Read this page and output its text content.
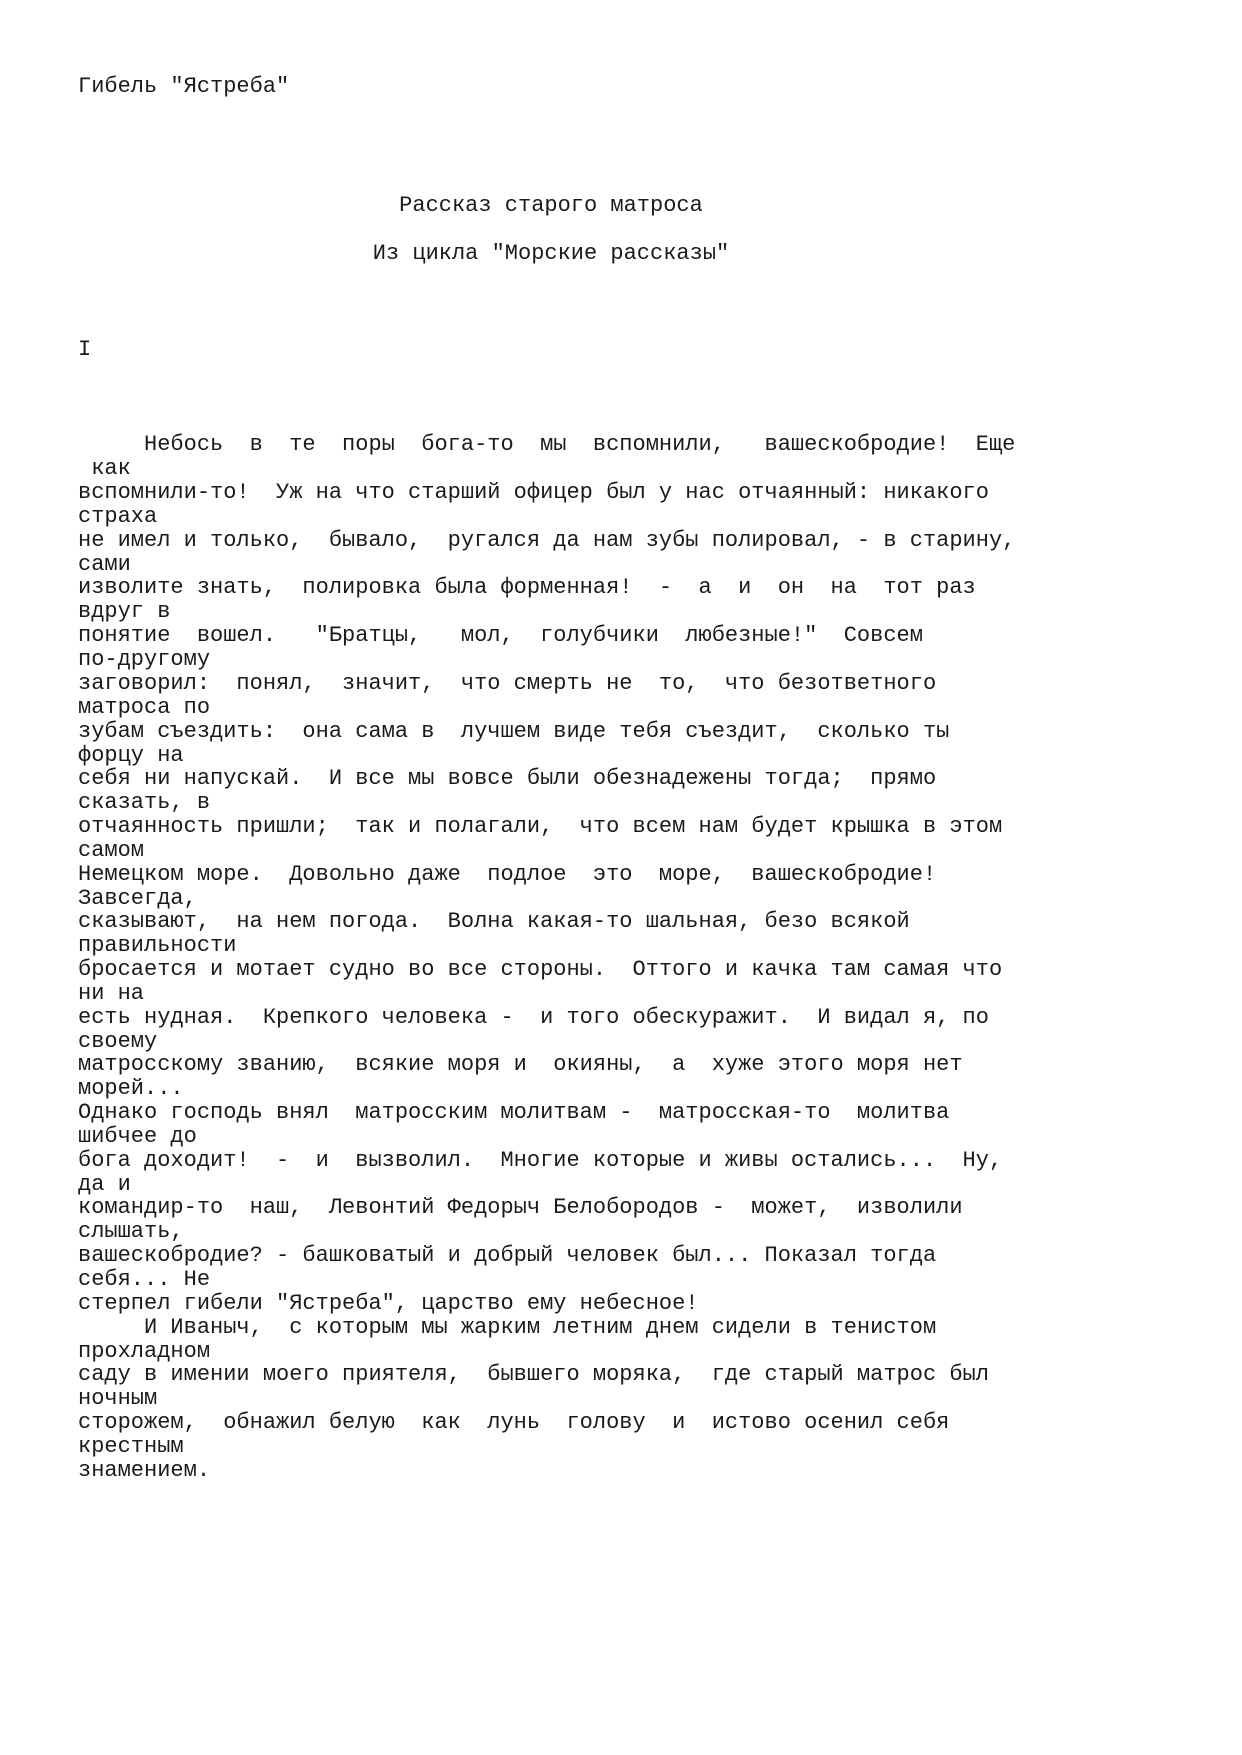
Гибель "Ястреба"

Рассказ старого матроса

Из цикла "Морские рассказы"

I

Небось  в  те  поры  бога-то  мы  вспомнили,   вашескобродие!  Еще

как

вспомнили-то!  Уж на что старший офицер был у нас отчаянный: никакого

страха

не имел и только,  бывало,  ругался да нам зубы полировал, - в старину,

сами

изволите знать,  полировка была форменная!  -  а  и  он  на  тот раз

вдруг в

понятие  вошел.   "Братцы,   мол,  голубчики  любезные!"  Совсем

по-другому

заговорил:  понял,  значит,  что смерть не  то,  что безответного

матроса по

зубам съездить:  она сама в  лучшем виде тебя съездит,  сколько ты

форцу на

себя ни напускай.  И все мы вовсе были обезнадежены тогда;  прямо

сказать, в

отчаянность пришли;  так и полагали,  что всем нам будет крышка в этом

самом

Немецком море.  Довольно даже  подлое  это  море,  вашескобродие!

Завсегда,

сказывают,  на нем погода.  Волна какая-то шальная, безо всякой

правильности

бросается и мотает судно во все стороны.  Оттого и качка там самая что

ни на

есть нудная.  Крепкого человека -  и того обескуражит.  И видал я, по

своему

матросскому званию,  всякие моря и  окияны,  а  хуже этого моря нет

морей...

Однако господь внял  матросским молитвам -  матросская-то  молитва

шибчее до

бога доходит!  -  и  вызволил.  Многие которые и живы остались...  Ну,

да и

командир-то  наш,  Левонтий Федорыч Белобородов -  может,  изволили

слышать,

вашескобродие? - башковатый и добрый человек был... Показал тогда

себя... Не

стерпел гибели "Ястреба", царство ему небесное!

И Иваныч,  с которым мы жарким летним днем сидели в тенистом

прохладном

саду в имении моего приятеля,  бывшего моряка,  где старый матрос был

ночным

сторожем,  обнажил белую  как  лунь  голову  и  истово осенил себя

крестным

знамением.
